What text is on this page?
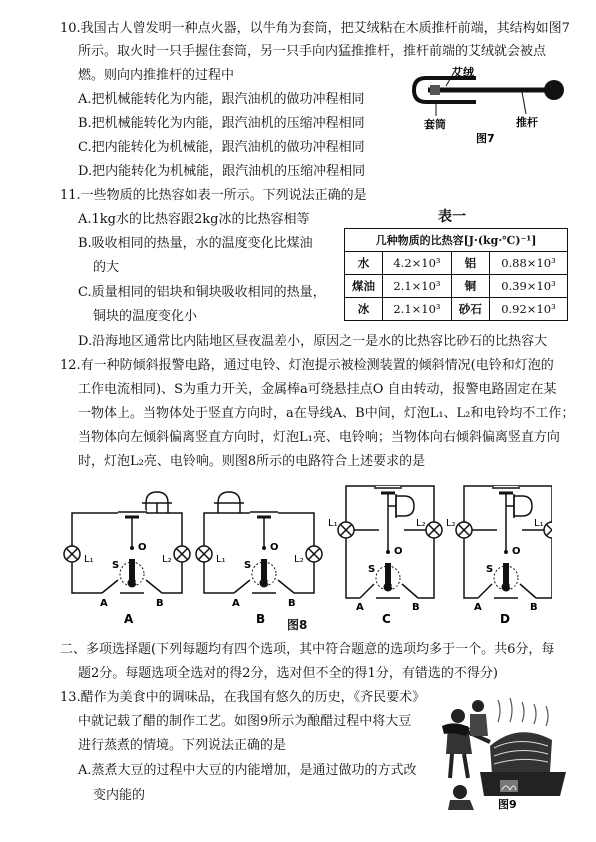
10.我国古人曾发明一种点火器，以牛角为套筒，把艾绒粘在木质推杆前端，其结构如图7
所示。取火时一只手握住套筒，另一只手向内猛推推杆，推杆前端的艾绒就会被点
燃。则向内推推杆的过程中
A.把机械能转化为内能，跟汽油机的做功冲程相同
B.把机械能转化为内能，跟汽油机的压缩冲程相同
C.把内能转化为机械能，跟汽油机的做功冲程相同
D.把内能转化为机械能，跟汽油机的压缩冲程相同
艾绒
套筒	推杆
图7
11.一些物质的比热容如表一所示。下列说法正确的是
A.1kg水的比热容跟2kg冰的比热容相等
B.吸收相同的热量，水的温度变化比煤油
的大
C.质量相同的铝块和铜块吸收相同的热量，
铜块的温度变化小
D.沿海地区通常比内陆地区昼夜温差小，原因之一是水的比热容比砂石的比热容大
表一
几种物质的比热容[J·(kg·℃)⁻¹]			
水	4.2×10³	铝	0.88×10³
煤油	2.1×10³	铜	0.39×10³
冰	2.1×10³	砂石	0.92×10³
12.有一种防倾斜报警电路，通过电铃、灯泡提示被检测装置的倾斜情况(电铃和灯泡的
工作电流相同)、S为重力开关，金属棒a可绕悬挂点O 自由转动，报警电路固定在某
一物体上。当物体处于竖直方向时，a在导线A、B中间，灯泡L₁、L₂和电铃均不工作；
当物体向左倾斜偏离竖直方向时，灯泡L₁亮、电铃响；当物体向右倾斜偏离竖直方向
时，灯泡L₂亮、电铃响。则图8所示的电路符合上述要求的是
O
S
a
L₁	L₂
A	B
A
O
S
a
L₁	L₂
A	B
B
O
S
a
L₁	L₂
A	B
C
O
S
a
L₂	L₁
A	B
D
图8
二、多项选择题(下列每题均有四个选项，其中符合题意的选项均多于一个。共6分，每
题2分。每题选项全选对的得2分，选对但不全的得1分，有错选的不得分)
13.醋作为美食中的调味品，在我国有悠久的历史，《齐民要术》
中就记载了醋的制作工艺。如图9所示为酿醋过程中将大豆
进行蒸煮的情境。下列说法正确的是
A.蒸煮大豆的过程中大豆的内能增加，是通过做功的方式改
变内能的
图9
